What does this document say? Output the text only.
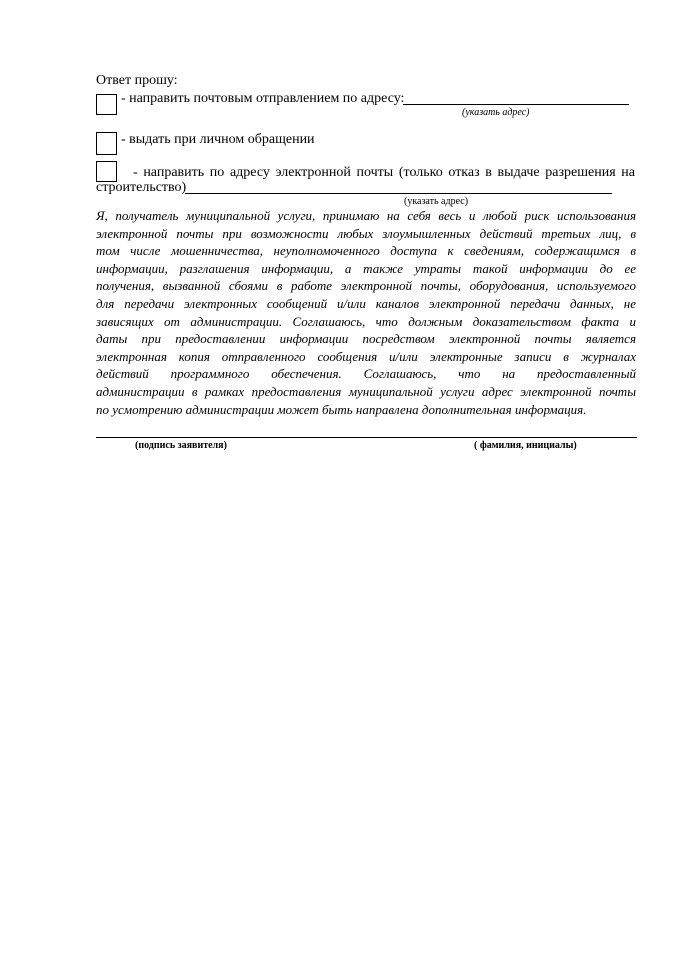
Ответ прошу:
- направить почтовым отправлением по адресу:
(указать адрес)
- выдать при личном обращении
- направить по адресу электронной почты (только отказ в выдаче разрешения на
строительство)
(указать адрес)
Я, получатель муниципальной услуги, принимаю на себя весь и любой риск использования
электронной почты при возможности любых злоумышленных действий третьих лиц, в
том числе мошенничества, неуполномоченного доступа к сведениям, содержащимся в
информации, разглашения информации, а также утраты такой информации до ее
получения, вызванной сбоями в работе электронной почты, оборудования, используемого
для передачи электронных сообщений и/или каналов электронной передачи данных, не
зависящих от администрации. Соглашаюсь, что должным доказательством факта и
даты при предоставлении информации посредством электронной почты является
электронная копия отправленного сообщения и/или электронные записи в журналах
действий программного обеспечения. Соглашаюсь, что на предоставленный
администрации в рамках предоставления муниципальной услуги адрес электронной почты
по усмотрению администрации может быть направлена дополнительная информация.
(подпись заявителя)	( фамилия, инициалы)
